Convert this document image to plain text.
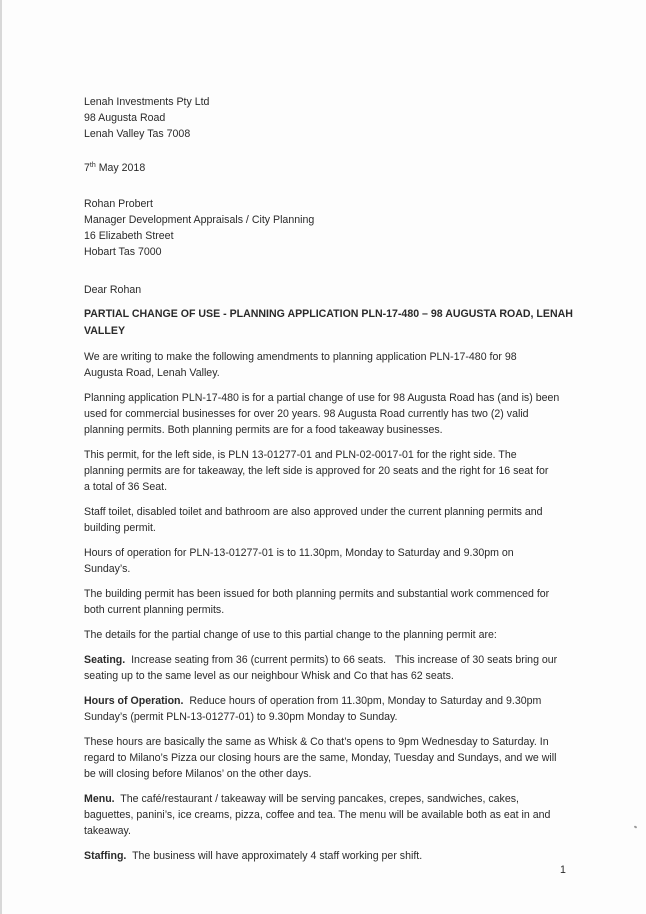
Lenah Investments Pty Ltd
98 Augusta Road
Lenah Valley Tas 7008
7th May 2018
Rohan Probert
Manager Development Appraisals / City Planning
16 Elizabeth Street
Hobart Tas 7000
Dear Rohan
PARTIAL CHANGE OF USE - PLANNING APPLICATION PLN-17-480 – 98 AUGUSTA ROAD, LENAH
VALLEY
We are writing to make the following amendments to planning application PLN-17-480 for 98
Augusta Road, Lenah Valley.
Planning application PLN-17-480 is for a partial change of use for 98 Augusta Road has (and is) been
used for commercial businesses for over 20 years. 98 Augusta Road currently has two (2) valid
planning permits. Both planning permits are for a food takeaway businesses.
This permit, for the left side, is PLN 13-01277-01 and PLN-02-0017-01 for the right side. The
planning permits are for takeaway, the left side is approved for 20 seats and the right for 16 seat for
a total of 36 Seat.
Staff toilet, disabled toilet and bathroom are also approved under the current planning permits and
building permit.
Hours of operation for PLN-13-01277-01 is to 11.30pm, Monday to Saturday and 9.30pm on
Sunday’s.
The building permit has been issued for both planning permits and substantial work commenced for
both current planning permits.
The details for the partial change of use to this partial change to the planning permit are:
Seating.  Increase seating from 36 (current permits) to 66 seats.   This increase of 30 seats bring our
seating up to the same level as our neighbour Whisk and Co that has 62 seats.
Hours of Operation.  Reduce hours of operation from 11.30pm, Monday to Saturday and 9.30pm
Sunday’s (permit PLN-13-01277-01) to 9.30pm Monday to Sunday.
These hours are basically the same as Whisk & Co that’s opens to 9pm Wednesday to Saturday. In
regard to Milano’s Pizza our closing hours are the same, Monday, Tuesday and Sundays, and we will
be will closing before Milanos’ on the other days.
Menu.  The café/restaurant / takeaway will be serving pancakes, crepes, sandwiches, cakes,
baguettes, panini’s, ice creams, pizza, coffee and tea. The menu will be available both as eat in and
takeaway.
Staffing.  The business will have approximately 4 staff working per shift.
1
